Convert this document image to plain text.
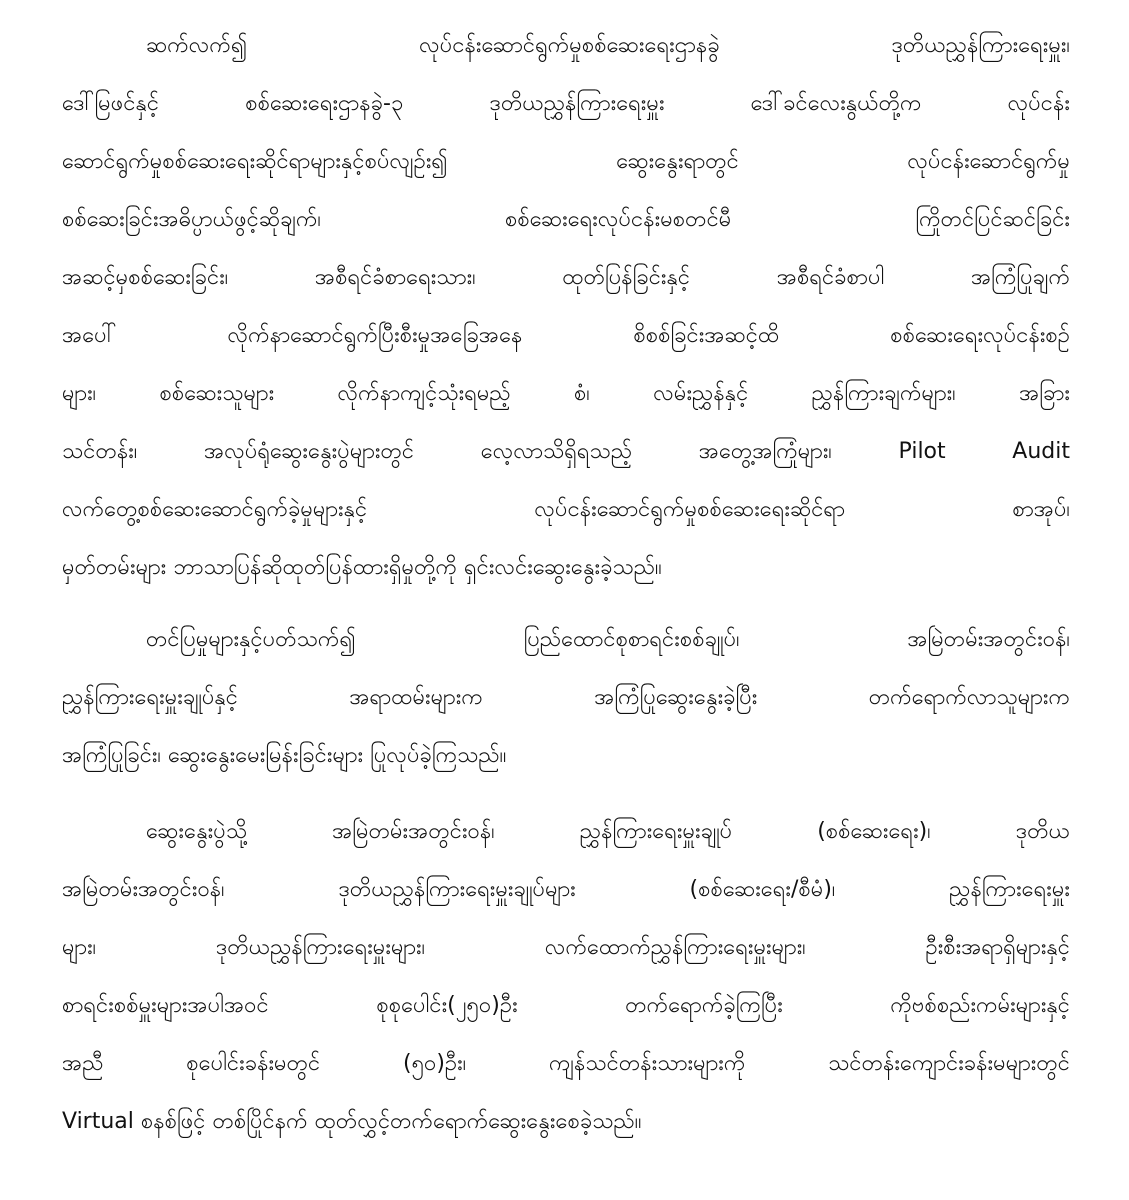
ဆက်လက်၍ လုပ်ငန်းဆောင်ရွက်မှုစစ်ဆေးရေးဌာနခွဲ ဒုတိယညွှန်ကြားရေးမှူး၊
ဒေါ်မြဖင်နှင့် စစ်ဆေးရေးဌာနခွဲ-၃ ဒုတိယညွှန်ကြားရေးမှူး ဒေါ်ခင်လေးနွယ်တို့က လုပ်ငန်း
ဆောင်ရွက်မှုစစ်ဆေးရေးဆိုင်ရာများနှင့်စပ်လျဉ်း၍ ဆွေးနွေးရာတွင် လုပ်ငန်းဆောင်ရွက်မှု
စစ်ဆေးခြင်းအဓိပ္ပာယ်ဖွင့်ဆိုချက်၊ စစ်ဆေးရေးလုပ်ငန်းမစတင်မီ ကြိုတင်ပြင်ဆင်ခြင်း
အဆင့်မှစစ်ဆေးခြင်း၊ အစီရင်ခံစာရေးသား၊ ထုတ်ပြန်ခြင်းနှင့် အစီရင်ခံစာပါ အကြံပြုချက်
အပေါ် လိုက်နာဆောင်ရွက်ပြီးစီးမှုအခြေအနေ စိစစ်ခြင်းအဆင့်ထိ စစ်ဆေးရေးလုပ်ငန်းစဉ်
များ၊ စစ်ဆေးသူများ လိုက်နာကျင့်သုံးရမည့် စံ၊ လမ်းညွှန်နှင့် ညွှန်ကြားချက်များ၊ အခြား
သင်တန်း၊ အလုပ်ရုံဆွေးနွေးပွဲများတွင် လေ့လာသိရှိရသည့် အတွေ့အကြုံများ၊ Pilot Audit
လက်တွေ့စစ်ဆေးဆောင်ရွက်ခဲ့မှုများနှင့် လုပ်ငန်းဆောင်ရွက်မှုစစ်ဆေးရေးဆိုင်ရာ စာအုပ်၊
မှတ်တမ်းများ ဘာသာပြန်ဆိုထုတ်ပြန်ထားရှိမှုတို့ကို ရှင်းလင်းဆွေးနွေးခဲ့သည်။
တင်ပြမှုများနှင့်ပတ်သက်၍ ပြည်ထောင်စုစာရင်းစစ်ချုပ်၊ အမြဲတမ်းအတွင်းဝန်၊
ညွှန်ကြားရေးမှူးချုပ်နှင့် အရာထမ်းများက အကြံပြုဆွေးနွေးခဲ့ပြီး တက်ရောက်လာသူများက
အကြံပြုခြင်း၊ ဆွေးနွေးမေးမြန်းခြင်းများ ပြုလုပ်ခဲ့ကြသည်။
ဆွေးနွေးပွဲသို့ အမြဲတမ်းအတွင်းဝန်၊ ညွှန်ကြားရေးမှူးချုပ် (စစ်ဆေးရေး)၊ ဒုတိယ
အမြဲတမ်းအတွင်းဝန်၊ ဒုတိယညွှန်ကြားရေးမှူးချုပ်များ (စစ်ဆေးရေး/စီမံ)၊ ညွှန်ကြားရေးမှူး
များ၊ ဒုတိယညွှန်ကြားရေးမှူးများ၊ လက်ထောက်ညွှန်ကြားရေးမှူးများ၊ ဦးစီးအရာရှိများနှင့်
စာရင်းစစ်မှူးများအပါအဝင် စုစုပေါင်း(၂၅၀)ဦး တက်ရောက်ခဲ့ကြပြီး ကိုဗစ်စည်းကမ်းများနှင့်
အညီ စုပေါင်းခန်းမတွင် (၅၀)ဦး၊ ကျန်သင်တန်းသားများကို သင်တန်းကျောင်းခန်းမများတွင်
Virtual စနစ်ဖြင့် တစ်ပြိုင်နက် ထုတ်လွှင့်တက်ရောက်ဆွေးနွေးစေခဲ့သည်။
